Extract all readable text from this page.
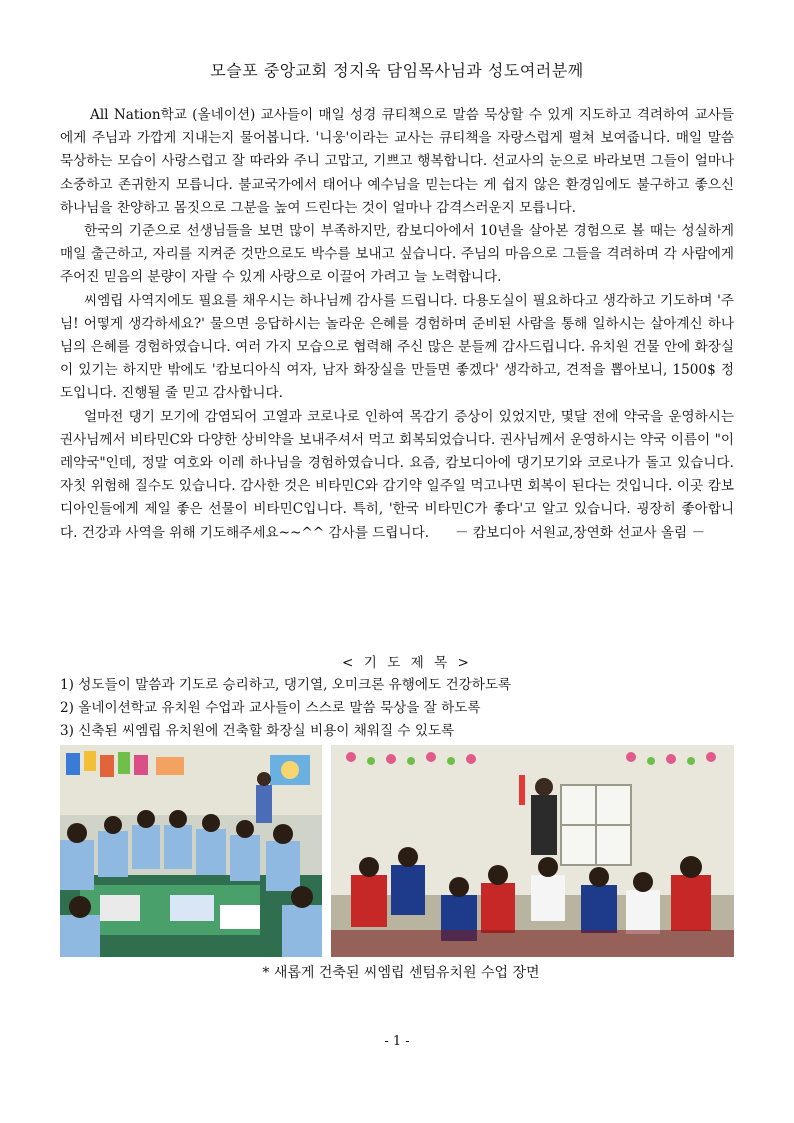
모슬포 중앙교회 정지욱 담임목사님과 성도여러분께

All Nation학교 (올네이션) 교사들이 매일 성경 큐티책으로 말씀 묵상할 수 있게 지도하고 격려하여 교사들에게 주님과 가깝게 지내는지 물어봅니다. '니웅'이라는 교사는 큐티책을 자랑스럽게 펼쳐 보여줍니다. 매일 말씀 묵상하는 모습이 사랑스럽고 잘 따라와 주니 고맙고, 기쁘고 행복합니다. 선교사의 눈으로 바라보면 그들이 얼마나 소중하고 존귀한지 모릅니다. 불교국가에서 태어나 예수님을 믿는다는 게 쉽지 않은 환경임에도 불구하고 좋으신 하나님을 찬양하고 몸짓으로 그분을 높여 드린다는 것이 얼마나 감격스러운지 모릅니다.

한국의 기준으로 선생님들을 보면 많이 부족하지만, 캄보디아에서 10년을 살아본 경험으로 볼 때는 성실하게 매일 출근하고, 자리를 지켜준 것만으로도 박수를 보내고 싶습니다. 주님의 마음으로 그들을 격려하며 각 사람에게 주어진 믿음의 분량이 자랄 수 있게 사랑으로 이끌어 가려고 늘 노력합니다.

씨엠립 사역지에도 필요를 채우시는 하나님께 감사를 드립니다. 다용도실이 필요하다고 생각하고 기도하며 '주님! 어떻게 생각하세요?' 물으면 응답하시는 놀라운 은혜를 경험하며 준비된 사람을 통해 일하시는 살아계신 하나님의 은혜를 경험하였습니다. 여러 가지 모습으로 협력해 주신 많은 분들께 감사드립니다. 유치원 건물 안에 화장실이 있기는 하지만 밖에도 '캄보디아식 여자, 남자 화장실을 만들면 좋겠다' 생각하고, 견적을 뽑아보니, 1500$ 정도입니다. 진행될 줄 믿고 감사합니다.

얼마전 댕기 모기에 감염되어 고열과 코로나로 인하여 목감기 증상이 있었지만, 몇달 전에 약국을 운영하시는 권사님께서 비타민C와 다양한 상비약을 보내주셔서 먹고 회복되었습니다. 권사님께서 운영하시는 약국 이름이 "이레약국"인데, 정말 여호와 이레 하나님을 경험하였습니다. 요즘, 캄보디아에 댕기모기와 코로나가 돌고 있습니다. 자칫 위험해 질수도 있습니다. 감사한 것은 비타민C와 감기약 일주일 먹고나면 회복이 된다는 것입니다. 이곳 캄보디아인들에게 제일 좋은 선물이 비타민C입니다. 특히, '한국 비타민C가 좋다'고 알고 있습니다. 굉장히 좋아합니다. 건강과 사역을 위해 기도해주세요~~^^ 감사를 드립니다. － 캄보디아 서원교,장연화 선교사 올림 －

< 기 도 제 목 >
1) 성도들이 말씀과 기도로 승리하고, 댕기열, 오미크론 유행에도 건강하도록
2) 올네이션학교 유치원 수업과 교사들이 스스로 말씀 묵상을 잘 하도록
3) 신축된 씨엠립 유치원에 건축할 화장실 비용이 채워질 수 있도록
* 새롭게 건축된 씨엠립 센텀유치원 수업 장면
- 1 -
